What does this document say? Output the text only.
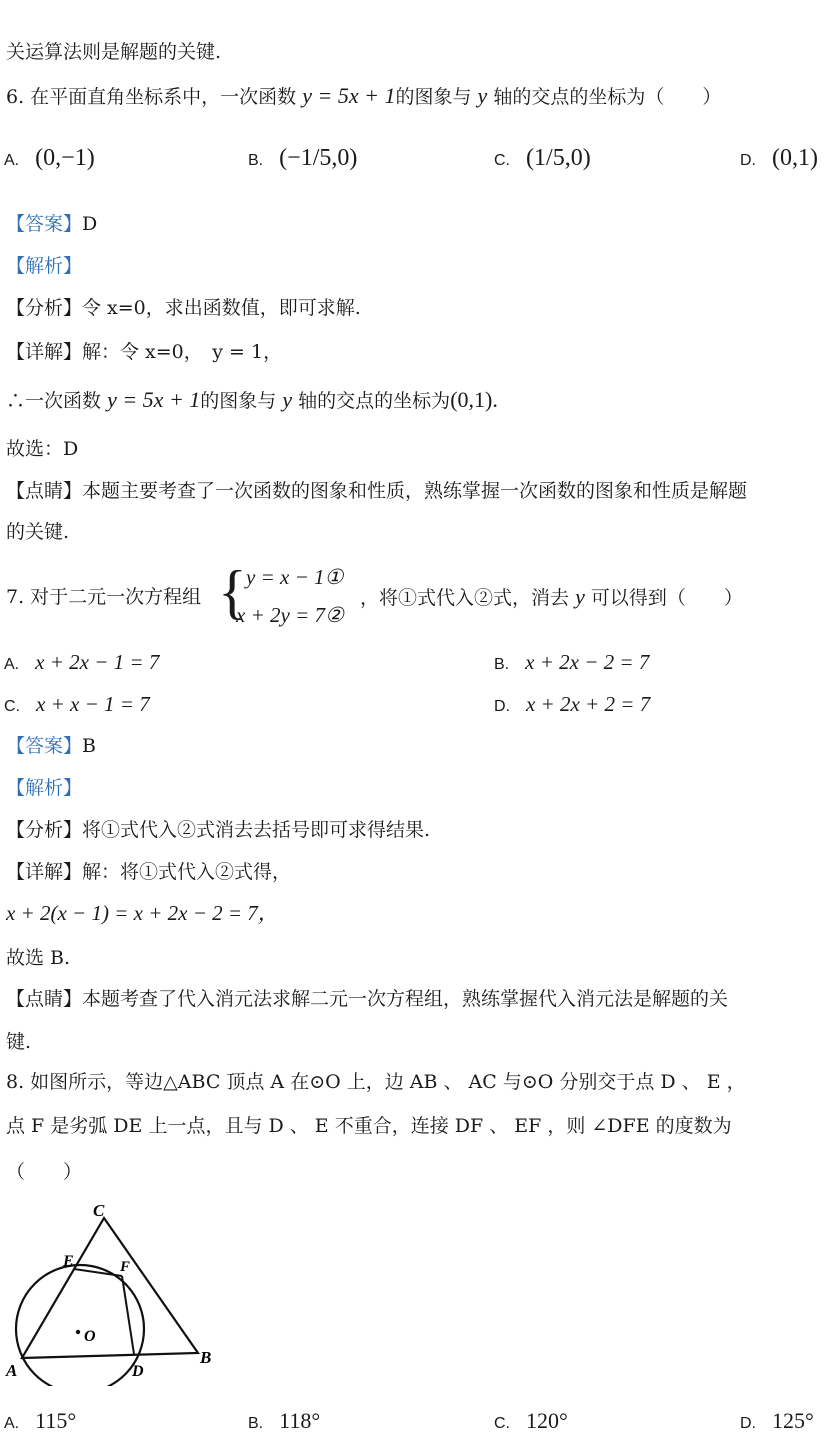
关运算法则是解题的关键.
6. 在平面直角坐标系中，一次函数 y = 5x + 1的图象与 y 轴的交点的坐标为（　　）
A. (0,−1)	B. (−1/5,0)	C. (1/5,0)	D. (0,1)
【答案】D
【解析】
【分析】令 x=0，求出函数值，即可求解.
【详解】解：令 x=0，　y = 1，
∴一次函数 y = 5x + 1的图象与 y 轴的交点的坐标为(0,1).
故选：D
【点睛】本题主要考查了一次函数的图象和性质，熟练掌握一次函数的图象和性质是解题
的关键.
7. 对于二元一次方程组 { y = x − 1①
x + 2y = 7②
，将①式代入②式，消去 y 可以得到（　　）
A. x + 2x − 1 = 7	B. x + 2x − 2 = 7
C. x + x − 1 = 7	D. x + 2x + 2 = 7
【答案】B
【解析】
【分析】将①式代入②式消去去括号即可求得结果.
【详解】解：将①式代入②式得，
x + 2(x − 1) = x + 2x − 2 = 7，
故选 B.
【点睛】本题考查了代入消元法求解二元一次方程组，熟练掌握代入消元法是解题的关
键.
8. 如图所示，等边△ABC 顶点 A 在⊙O 上，边 AB 、 AC 与⊙O 分别交于点 D 、 E ，
点 F 是劣弧 DE 上一点，且与 D 、 E 不重合，连接 DF 、 EF ，则 ∠DFE 的度数为
（　　）
C
E	F
O
A	D
B
A. 115°	B. 118°	C. 120°	D. 125°
